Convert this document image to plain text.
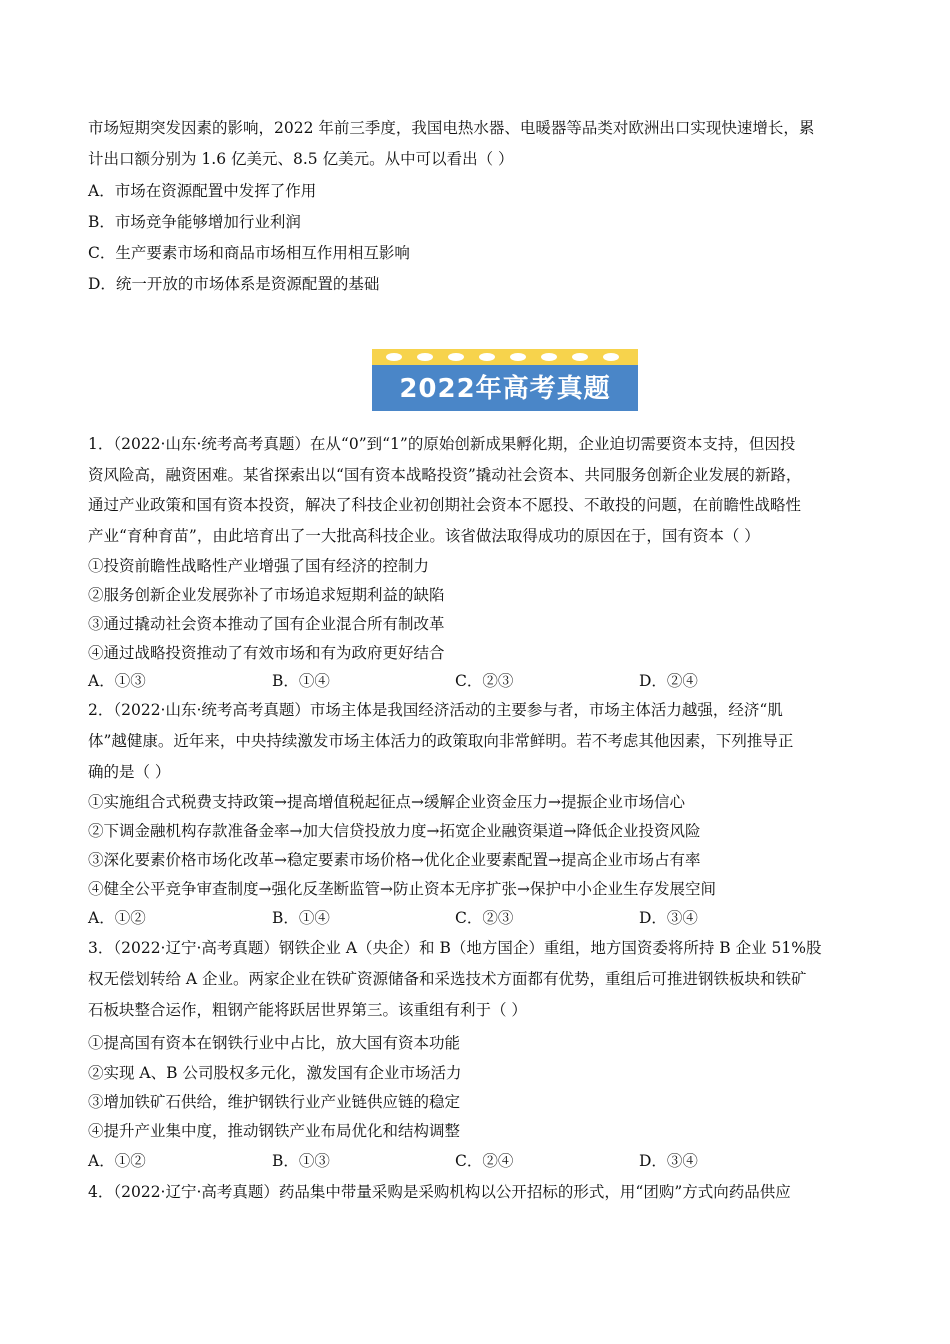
市场短期突发因素的影响，2022 年前三季度，我国电热水器、电暖器等品类对欧洲出口实现快速增长，累
计出口额分别为 1.6 亿美元、8.5 亿美元。从中可以看出（ ）
A．市场在资源配置中发挥了作用
B．市场竞争能够增加行业利润
C．生产要素市场和商品市场相互作用相互影响
D．统一开放的市场体系是资源配置的基础
2022年高考真题
1．（2022·山东·统考高考真题）在从“0”到“1”的原始创新成果孵化期，企业迫切需要资本支持，但因投
资风险高，融资困难。某省探索出以“国有资本战略投资”撬动社会资本、共同服务创新企业发展的新路，
通过产业政策和国有资本投资，解决了科技企业初创期社会资本不愿投、不敢投的问题，在前瞻性战略性
产业“育种育苗”，由此培育出了一大批高科技企业。该省做法取得成功的原因在于，国有资本（ ）
①投资前瞻性战略性产业增强了国有经济的控制力
②服务创新企业发展弥补了市场追求短期利益的缺陷
③通过撬动社会资本推动了国有企业混合所有制改革
④通过战略投资推动了有效市场和有为政府更好结合
A．①③	B．①④	C．②③	D．②④
2．（2022·山东·统考高考真题）市场主体是我国经济活动的主要参与者，市场主体活力越强，经济“肌
体”越健康。近年来，中央持续激发市场主体活力的政策取向非常鲜明。若不考虑其他因素，下列推导正
确的是（ ）
①实施组合式税费支持政策→提高增值税起征点→缓解企业资金压力→提振企业市场信心
②下调金融机构存款准备金率→加大信贷投放力度→拓宽企业融资渠道→降低企业投资风险
③深化要素价格市场化改革→稳定要素市场价格→优化企业要素配置→提高企业市场占有率
④健全公平竞争审查制度→强化反垄断监管→防止资本无序扩张→保护中小企业生存发展空间
A．①②	B．①④	C．②③	D．③④
3．（2022·辽宁·高考真题）钢铁企业 A（央企）和 B（地方国企）重组，地方国资委将所持 B 企业 51%股
权无偿划转给 A 企业。两家企业在铁矿资源储备和采选技术方面都有优势，重组后可推进钢铁板块和铁矿
石板块整合运作，粗钢产能将跃居世界第三。该重组有利于（ ）
①提高国有资本在钢铁行业中占比，放大国有资本功能
②实现 A、B 公司股权多元化，激发国有企业市场活力
③增加铁矿石供给，维护钢铁行业产业链供应链的稳定
④提升产业集中度，推动钢铁产业布局优化和结构调整
A．①②	B．①③	C．②④	D．③④
4．（2022·辽宁·高考真题）药品集中带量采购是采购机构以公开招标的形式，用“团购”方式向药品供应
